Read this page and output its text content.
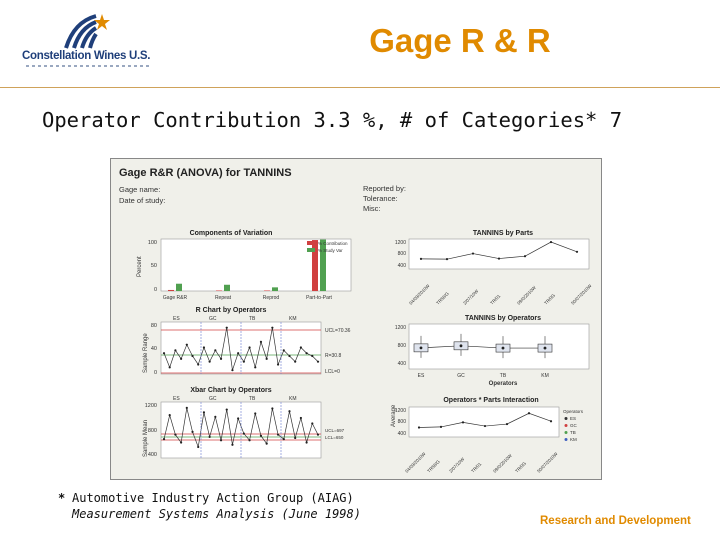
Constellation Wines U.S.	Gage R & R
Operator Contribution 3.3 %, # of Categories* 7
Gage R&R (ANOVA) for TANNINS
Gage name:
Date of study:
Reported by:
Tolerance:
Misc:
Components of Variation
Percent
100
50
0
Gage R&R	Repeat	Reprod	Part-to-Part
% Contribution
% Study Var
R Chart by Operators
Sample Range
80
40
0
ES	GC	TB	KM
UCL=70.36
R=30.8
LCL=0
Xbar Chart by Operators
Sample Mean
1200
800
400
ES	GC	TB	KM
UCL=697
LCL=650
TANNINS by Parts
1200
800
400
04/09/2010W TR56/G	2/07/10W TR/01	09/0/2010W TR/0G	50/07/2010W
TANNINS by Operators
1200
800
400
ES	GC	TB	KM
Operators
Operators * Parts Interaction
Average
1200
800
400
04/09/2010W TR56/G 2/07/10W TR/01 09/0/2010W TR/0G 50/07/2010W
Operators
ES
GC
TB
KM
* Automotive Industry Action Group (AIAG)
Measurement Systems Analysis (June 1998)	Research and Development
